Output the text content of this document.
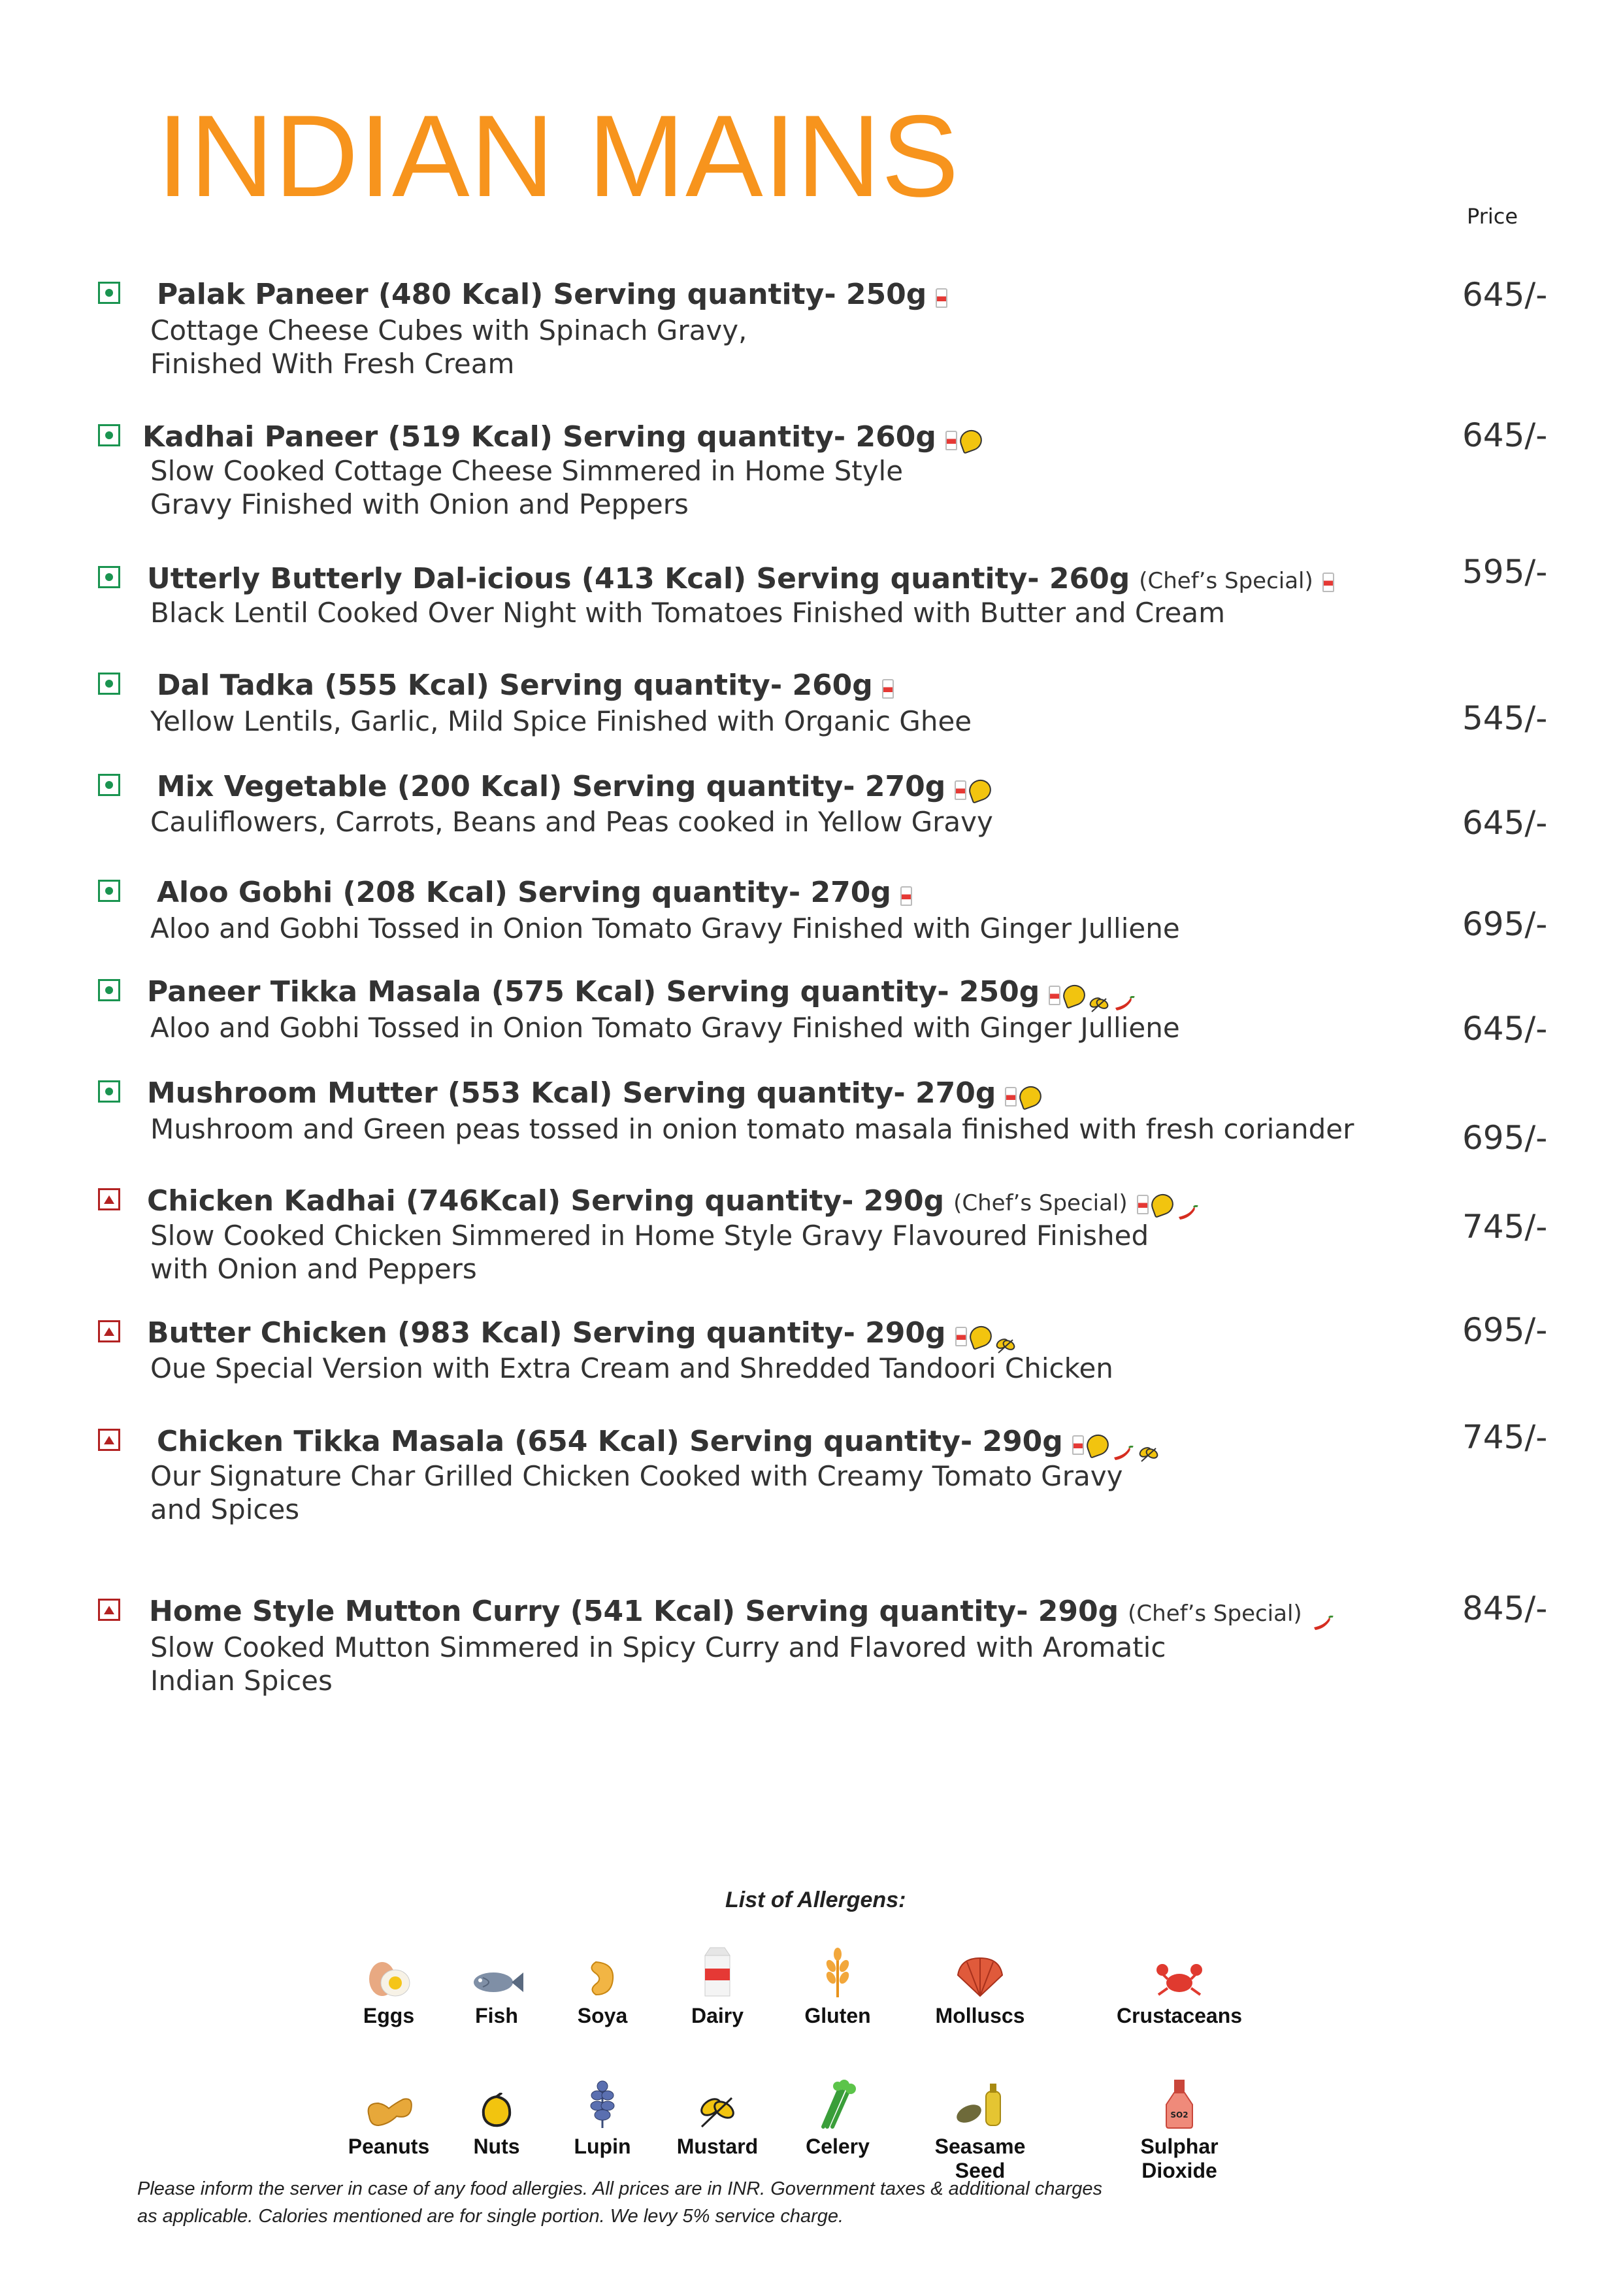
INDIAN MAINS	Price
Palak Paneer (480 Kcal) Serving quantity- 250g
Cottage Cheese Cubes with Spinach Gravy,
Finished With Fresh Cream
645/-
Kadhai Paneer (519 Kcal) Serving quantity- 260g
Slow Cooked Cottage Cheese Simmered in Home Style
Gravy Finished with Onion and Peppers
645/-
Utterly Butterly Dal-icious (413 Kcal) Serving quantity- 260g (Chef’s Special)
Black Lentil Cooked Over Night with Tomatoes Finished with Butter and Cream
595/-
Dal Tadka (555 Kcal) Serving quantity- 260g
Yellow Lentils, Garlic, Mild Spice Finished with Organic Ghee	545/-
Mix Vegetable (200 Kcal) Serving quantity- 270g
Cauliflowers, Carrots, Beans and Peas cooked in Yellow Gravy	645/-
Aloo Gobhi (208 Kcal) Serving quantity- 270g
Aloo and Gobhi Tossed in Onion Tomato Gravy Finished with Ginger Julliene	695/-
Paneer Tikka Masala (575 Kcal) Serving quantity- 250g
Aloo and Gobhi Tossed in Onion Tomato Gravy Finished with Ginger Julliene	645/-
Mushroom Mutter (553 Kcal) Serving quantity- 270g
Mushroom and Green peas tossed in onion tomato masala finished with fresh coriander	695/-
Chicken Kadhai (746Kcal) Serving quantity- 290g (Chef’s Special)
Slow Cooked Chicken Simmered in Home Style Gravy Flavoured Finished
with Onion and Peppers
745/-
Butter Chicken (983 Kcal) Serving quantity- 290g
Oue Special Version with Extra Cream and Shredded Tandoori Chicken
695/-
Chicken Tikka Masala (654 Kcal) Serving quantity- 290g
Our Signature Char Grilled Chicken Cooked with Creamy Tomato Gravy
and Spices
745/-
Home Style Mutton Curry (541 Kcal) Serving quantity- 290g (Chef’s Special)
Slow Cooked Mutton Simmered in Spicy Curry and Flavored with Aromatic
Indian Spices
845/-
List of Allergens:
Eggs	Fish	Soya	Dairy	Gluten	Molluscs	Crustaceans
Peanuts	Nuts	Lupin	Mustard	Celery	Seasame Seed
SO2
Sulphar Dioxide
Please inform the server in case of any food allergies. All prices are in INR. Government taxes & additional charges
as applicable. Calories mentioned are for single portion. We levy 5% service charge.
